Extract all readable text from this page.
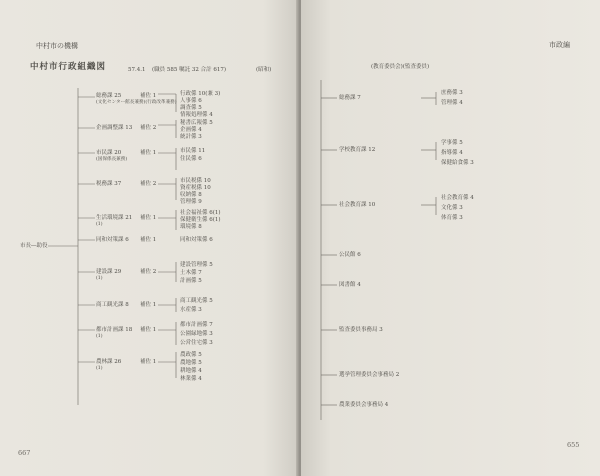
中村市の機構
中村市行政組織図	57.4.1 (職員 585 嘱託 32 合計 617)	(昭和)
市長―助役
総務課 25
(文化センター館長兼務)(行政改革兼務)
補佐 1	行政係 10(兼 3)
人事係 6
調査係 5
情報処理係 4
企画調整課 13 補佐 2
秘書広報係 5
企画係 4
統計係 3
市民課 20
(国保係長兼務)
補佐 1	市民係 11
住民係 6
税務課 37	補佐 2	市民税係 10
資産税係 10
収納係 8
管理係 9
生活環境課 21
(1)
補佐 1
社会福祉係 6(1)
保健衛生係 6(1)
環境係 8
同和対策課 6 補佐 1	同和対策係 6
建設課 29
(1)
補佐 2
建設管理係 5
土木係 7
計画係 5
商工観光課 8 補佐 1
商工観光係 5
水産係 3
都市計画課 18
(1)
補佐 1
都市計画係 7
公園緑地係 3
公営住宅係 3
農林課 26
(1)
補佐 1
農政係 5
農地係 5
耕地係 4
林業係 4
667
市政編
(教育委員会)(監査委員)
総務課 7
庶務係 3
管理係 4
学校教育課 12
学事係 5
指導係 4
保健給食係 3
社会教育課 10
社会教育係 4
文化係 3
体育係 3
公民館 6
図書館 4
監査委員事務局 3
選挙管理委員会事務局 2
農業委員会事務局 4
655
